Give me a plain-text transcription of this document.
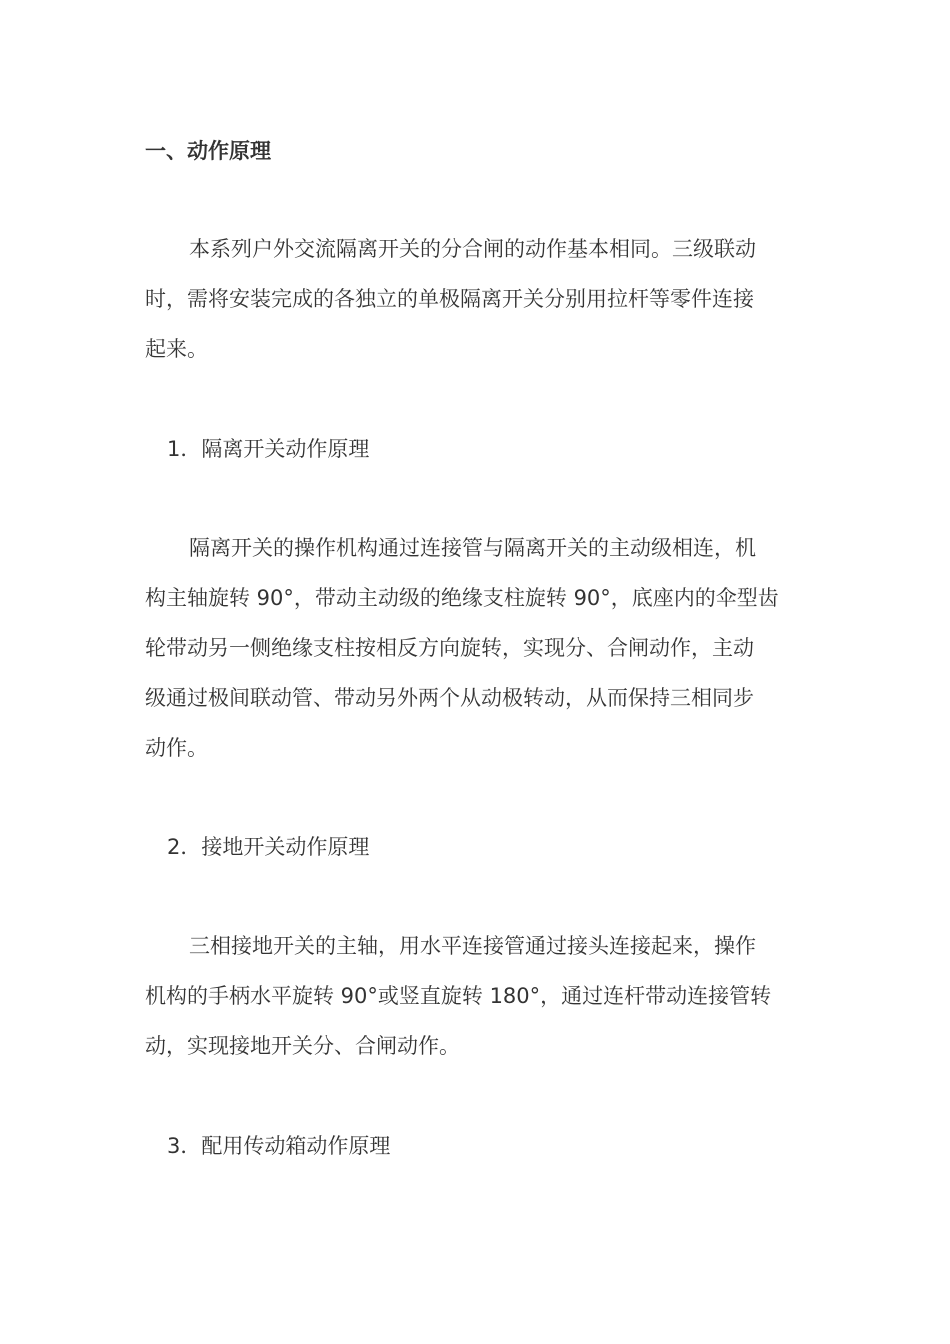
一、动作原理
本系列户外交流隔离开关的分合闸的动作基本相同。三级联动
时，需将安装完成的各独立的单极隔离开关分别用拉杆等零件连接
起来。
1．隔离开关动作原理
隔离开关的操作机构通过连接管与隔离开关的主动级相连，机
构主轴旋转 90°，带动主动级的绝缘支柱旋转 90°，底座内的伞型齿
轮带动另一侧绝缘支柱按相反方向旋转，实现分、合闸动作，主动
级通过极间联动管、带动另外两个从动极转动，从而保持三相同步
动作。
2．接地开关动作原理
三相接地开关的主轴，用水平连接管通过接头连接起来，操作
机构的手柄水平旋转 90°或竖直旋转 180°，通过连杆带动连接管转
动，实现接地开关分、合闸动作。
3．配用传动箱动作原理
